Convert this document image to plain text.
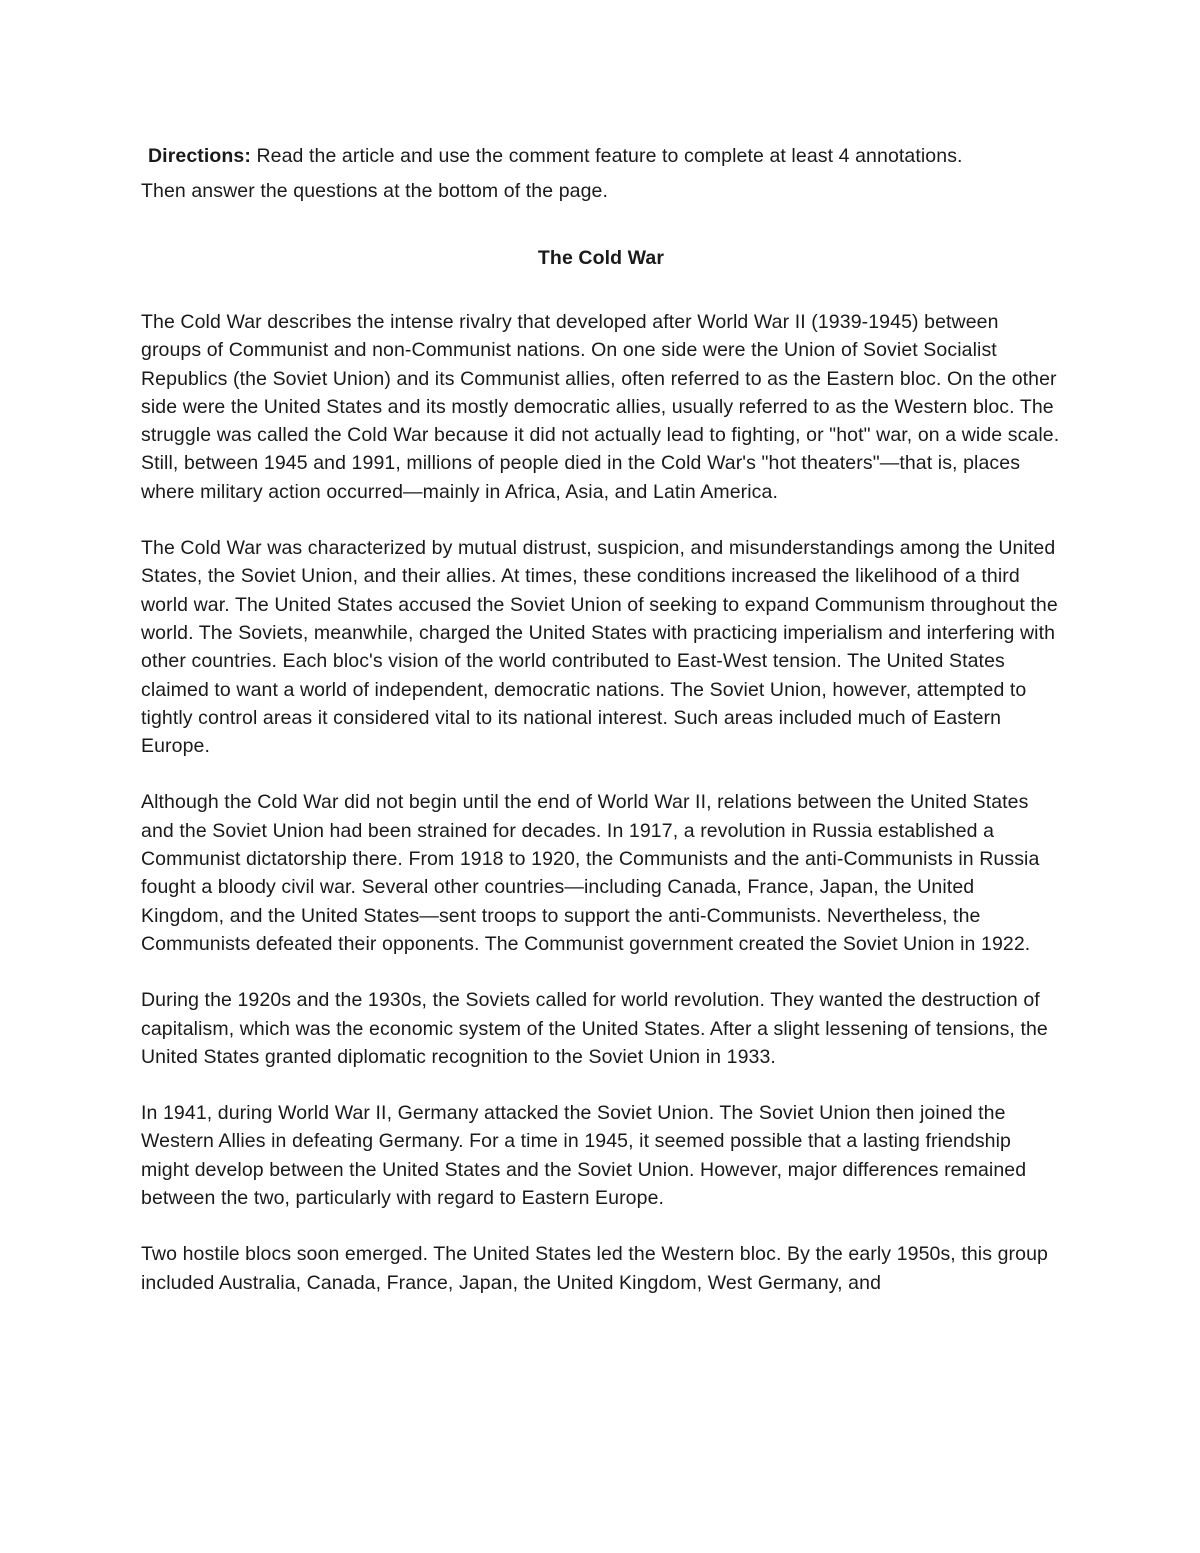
Directions: Read the article and use the comment feature to complete at least 4 annotations.
Then answer the questions at the bottom of the page.

The Cold War

The Cold War describes the intense rivalry that developed after World War II (1939-1945) between groups of Communist and non-Communist nations. On one side were the Union of Soviet Socialist Republics (the Soviet Union) and its Communist allies, often referred to as the Eastern bloc. On the other side were the United States and its mostly democratic allies, usually referred to as the Western bloc. The struggle was called the Cold War because it did not actually lead to fighting, or "hot" war, on a wide scale. Still, between 1945 and 1991, millions of people died in the Cold War's "hot theaters"—that is, places where military action occurred—mainly in Africa, Asia, and Latin America.

The Cold War was characterized by mutual distrust, suspicion, and misunderstandings among the United States, the Soviet Union, and their allies. At times, these conditions increased the likelihood of a third world war. The United States accused the Soviet Union of seeking to expand Communism throughout the world. The Soviets, meanwhile, charged the United States with practicing imperialism and interfering with other countries. Each bloc's vision of the world contributed to East-West tension. The United States claimed to want a world of independent, democratic nations. The Soviet Union, however, attempted to tightly control areas it considered vital to its national interest. Such areas included much of Eastern Europe.

Although the Cold War did not begin until the end of World War II, relations between the United States and the Soviet Union had been strained for decades. In 1917, a revolution in Russia established a Communist dictatorship there. From 1918 to 1920, the Communists and the anti-Communists in Russia fought a bloody civil war. Several other countries—including Canada, France, Japan, the United Kingdom, and the United States—sent troops to support the anti-Communists. Nevertheless, the Communists defeated their opponents. The Communist government created the Soviet Union in 1922.

During the 1920s and the 1930s, the Soviets called for world revolution. They wanted the destruction of capitalism, which was the economic system of the United States. After a slight lessening of tensions, the United States granted diplomatic recognition to the Soviet Union in 1933.

In 1941, during World War II, Germany attacked the Soviet Union. The Soviet Union then joined the Western Allies in defeating Germany. For a time in 1945, it seemed possible that a lasting friendship might develop between the United States and the Soviet Union. However, major differences remained between the two, particularly with regard to Eastern Europe.

Two hostile blocs soon emerged. The United States led the Western bloc. By the early 1950s, this group included Australia, Canada, France, Japan, the United Kingdom, West Germany, and
